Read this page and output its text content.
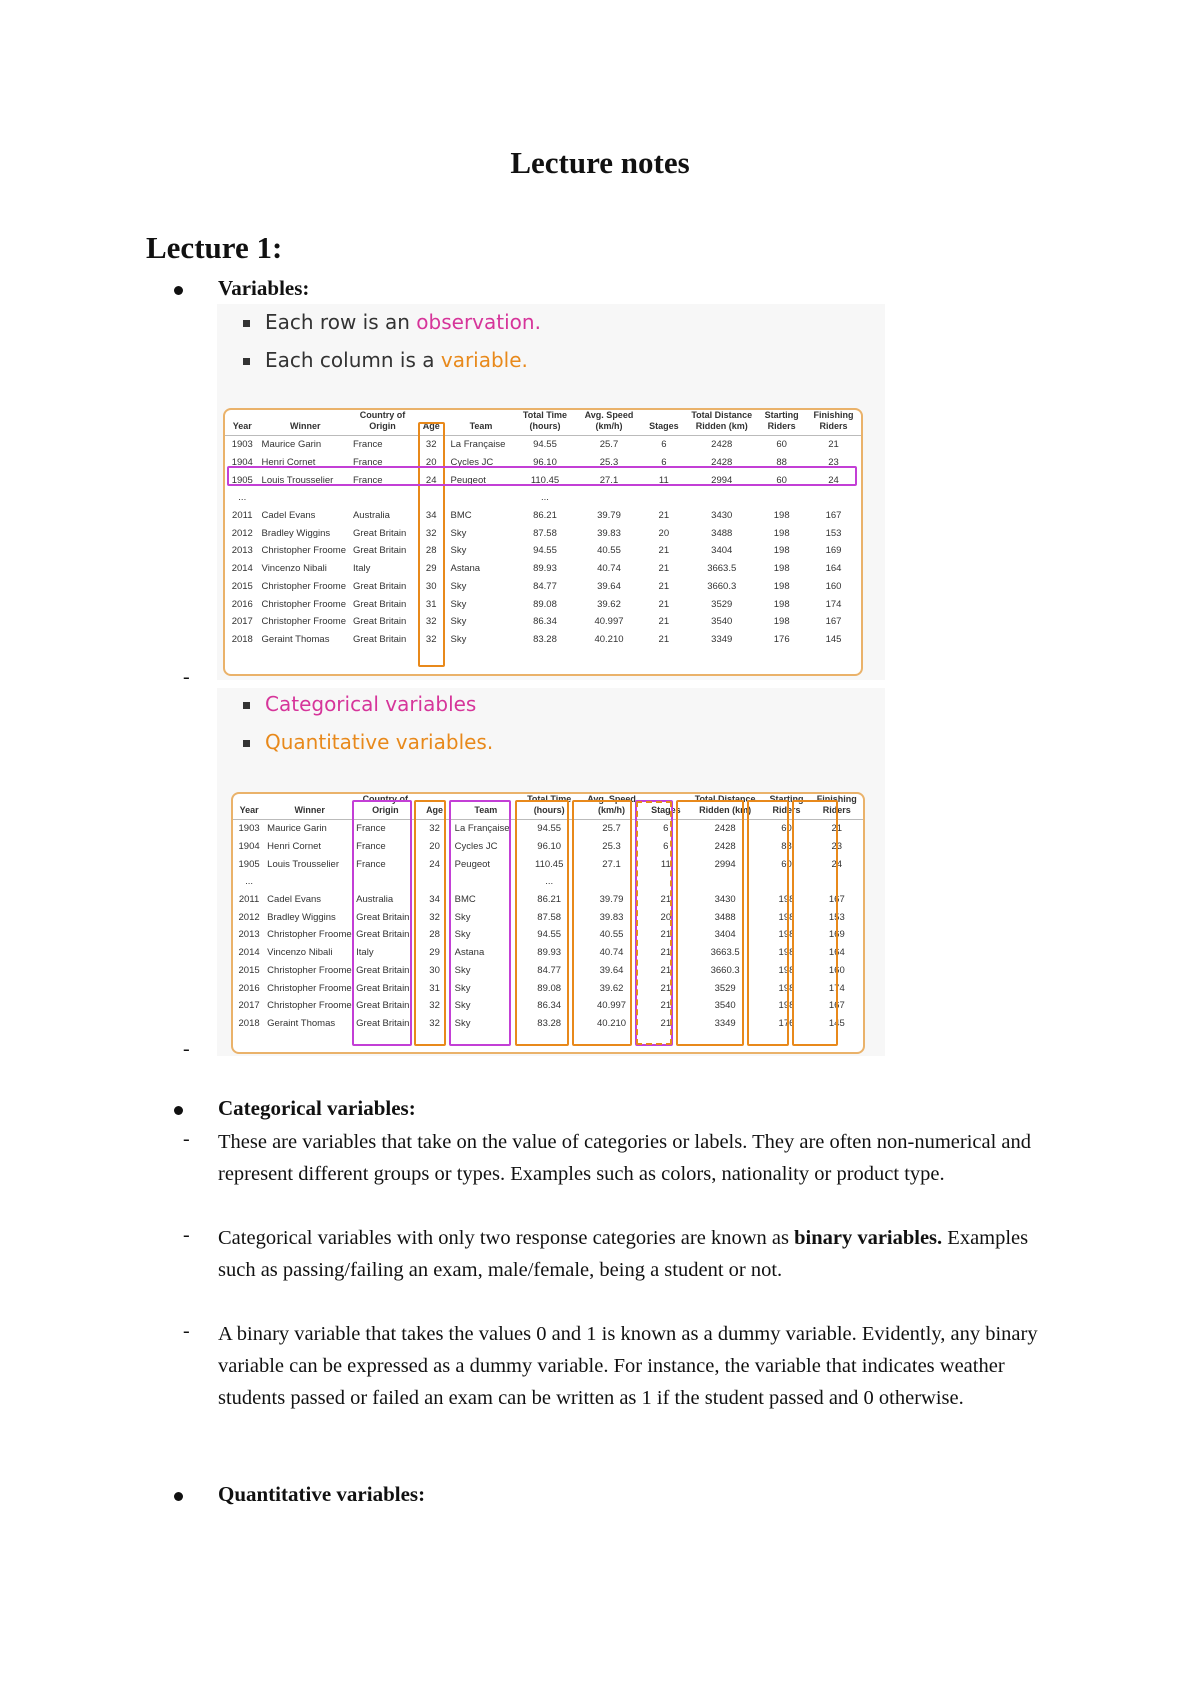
Lecture notes
Lecture 1:
Variables:
Each row is an observation.
Each column is a variable.
Year	Winner	Country of Origin	Age	Team	Total Time (hours)	Avg. Speed (km/h)	Stages	Total Distance Ridden (km)	Starting Riders	Finishing Riders
1903	Maurice Garin	France	32	La Française	94.55	25.7	6	2428	60	21
1904	Henri Cornet	France	20	Cycles JC	96.10	25.3	6	2428	88	23
1905	Louis Trousselier	France	24	Peugeot	110.45	27.1	11	2994	60	24
...					...					
2011	Cadel Evans	Australia	34	BMC	86.21	39.79	21	3430	198	167
2012	Bradley Wiggins	Great Britain	32	Sky	87.58	39.83	20	3488	198	153
2013	Christopher Froome	Great Britain	28	Sky	94.55	40.55	21	3404	198	169
2014	Vincenzo Nibali	Italy	29	Astana	89.93	40.74	21	3663.5	198	164
2015	Christopher Froome	Great Britain	30	Sky	84.77	39.64	21	3660.3	198	160
2016	Christopher Froome	Great Britain	31	Sky	89.08	39.62	21	3529	198	174
2017	Christopher Froome	Great Britain	32	Sky	86.34	40.997	21	3540	198	167
2018	Geraint Thomas	Great Britain	32	Sky	83.28	40.210	21	3349	176	145
-
Categorical variables
Quantitative variables.
Year	Winner	Country of Origin	Age	Team	Total Time (hours)	Avg. Speed (km/h)	Stages	Total Distance Ridden (km)	Starting Riders	Finishing Riders
1903	Maurice Garin	France	32	La Française	94.55	25.7	6	2428	60	21
1904	Henri Cornet	France	20	Cycles JC	96.10	25.3	6	2428	88	23
1905	Louis Trousselier	France	24	Peugeot	110.45	27.1	11	2994	60	24
...					...					
2011	Cadel Evans	Australia	34	BMC	86.21	39.79	21	3430	198	167
2012	Bradley Wiggins	Great Britain	32	Sky	87.58	39.83	20	3488	198	153
2013	Christopher Froome	Great Britain	28	Sky	94.55	40.55	21	3404	198	169
2014	Vincenzo Nibali	Italy	29	Astana	89.93	40.74	21	3663.5	198	164
2015	Christopher Froome	Great Britain	30	Sky	84.77	39.64	21	3660.3	198	160
2016	Christopher Froome	Great Britain	31	Sky	89.08	39.62	21	3529	198	174
2017	Christopher Froome	Great Britain	32	Sky	86.34	40.997	21	3540	198	167
2018	Geraint Thomas	Great Britain	32	Sky	83.28	40.210	21	3349	176	145
-
Categorical variables:
- These are variables that take on the value of categories or labels. They are often non-numerical and represent different groups or types. Examples such as colors, nationality or product type.
- Categorical variables with only two response categories are known as binary variables. Examples such as passing/failing an exam, male/female, being a student or not.
- A binary variable that takes the values 0 and 1 is known as a dummy variable. Evidently, any binary variable can be expressed as a dummy variable. For instance, the variable that indicates weather students passed or failed an exam can be written as 1 if the student passed and 0 otherwise.
Quantitative variables:
